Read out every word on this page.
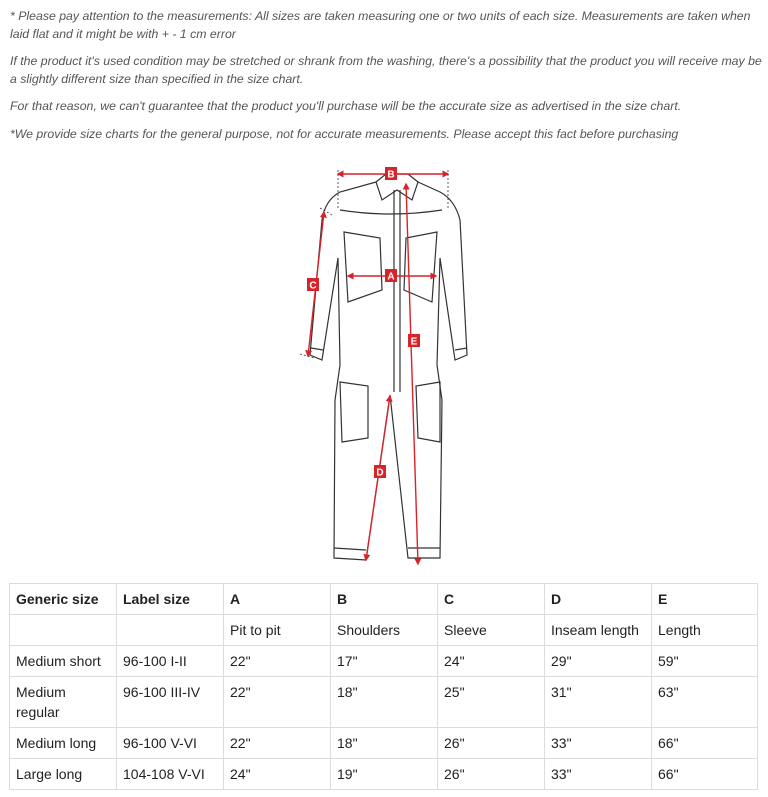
* Please pay attention to the measurements: All sizes are taken measuring one or two units of each size. Measurements are taken when laid flat and it might be with + - 1 cm error

If the product it's used condition may be stretched or shrank from the washing, there's a possibility that the product you will receive may be a slightly different size than specified in the size chart.

For that reason, we can't guarantee that the product you'll purchase will be the accurate size as advertised in the size chart.

*We provide size charts for the general purpose, not for accurate measurements. Please accept this fact before purchasing

B
A
C
D
E
Generic size	Label size	A	B	C	D	E
		Pit to pit	Shoulders	Sleeve	Inseam length	Length
Medium short	96-100 I-II	22"	17"	24"	29"	59"
Medium regular	96-100 III-IV	22"	18"	25"	31"	63"
Medium long	96-100 V-VI	22"	18"	26"	33"	66"
Large long	104-108 V-VI	24"	19"	26"	33"	66"
